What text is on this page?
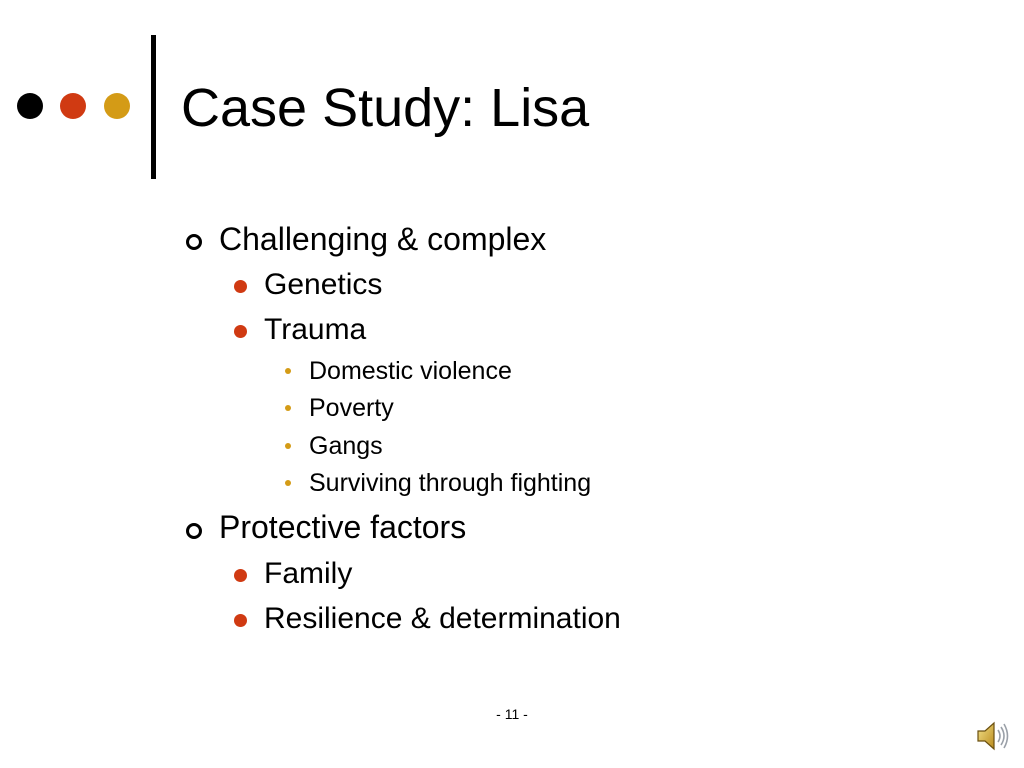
Case Study: Lisa
Challenging & complex
Genetics
Trauma
Domestic violence
Poverty
Gangs
Surviving through fighting
Protective factors
Family
Resilience & determination
- 11 -
